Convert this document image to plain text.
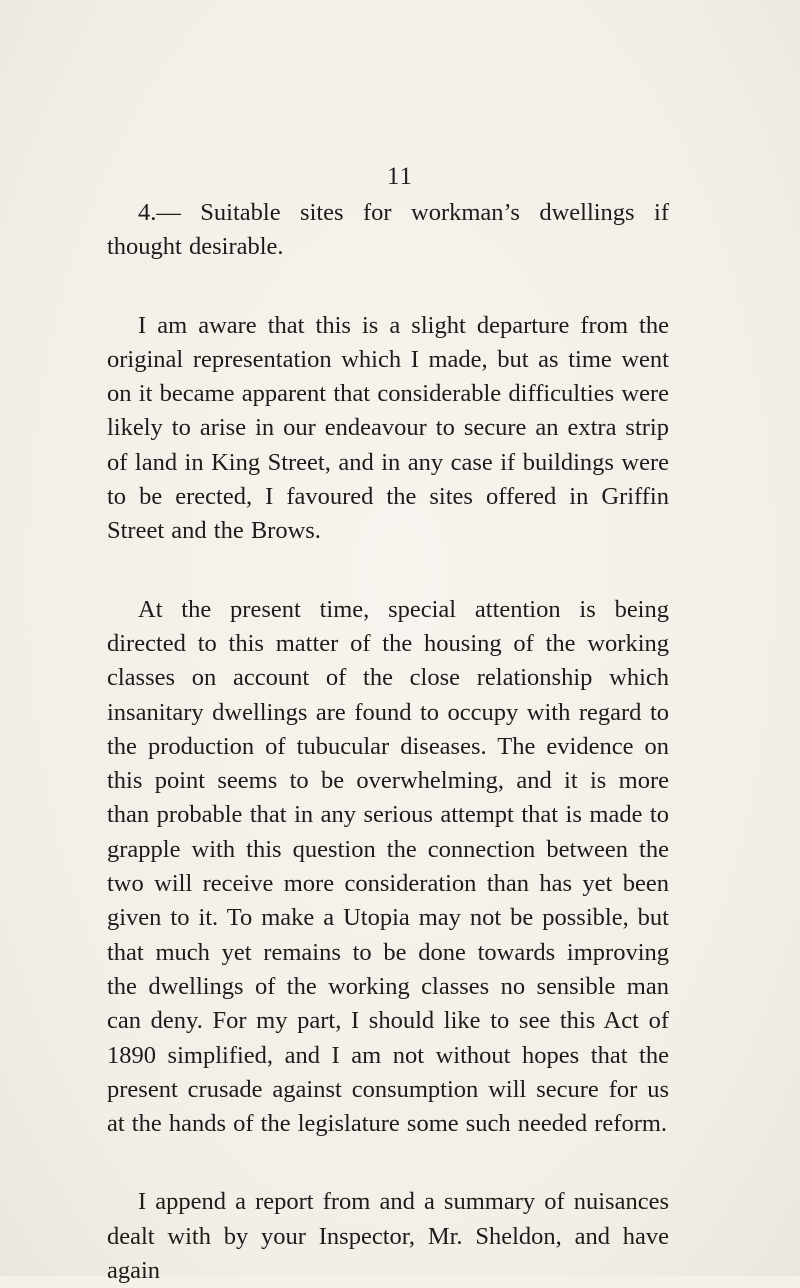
11

4.— Suitable sites for workman’s dwellings if thought desirable.

I am aware that this is a slight departure from the original representation which I made, but as time went on it became apparent that considerable difficulties were likely to arise in our endeavour to secure an extra strip of land in King Street, and in any case if buildings were to be erected, I favoured the sites offered in Griffin Street and the Brows.

At the present time, special attention is being directed to this matter of the housing of the working classes on account of the close relationship which insanitary dwellings are found to occupy with regard to the production of tubucular diseases. The evidence on this point seems to be overwhelming, and it is more than probable that in any serious attempt that is made to grapple with this question the connection between the two will receive more consideration than has yet been given to it. To make a Utopia may not be possible, but that much yet remains to be done towards improving the dwellings of the working classes no sensible man can deny. For my part, I should like to see this Act of 1890 simplified, and I am not without hopes that the present crusade against consumption will secure for us at the hands of the legislature some such needed reform.

I append a report from and a summary of nuisances dealt with by your Inspector, Mr. Sheldon, and have again
